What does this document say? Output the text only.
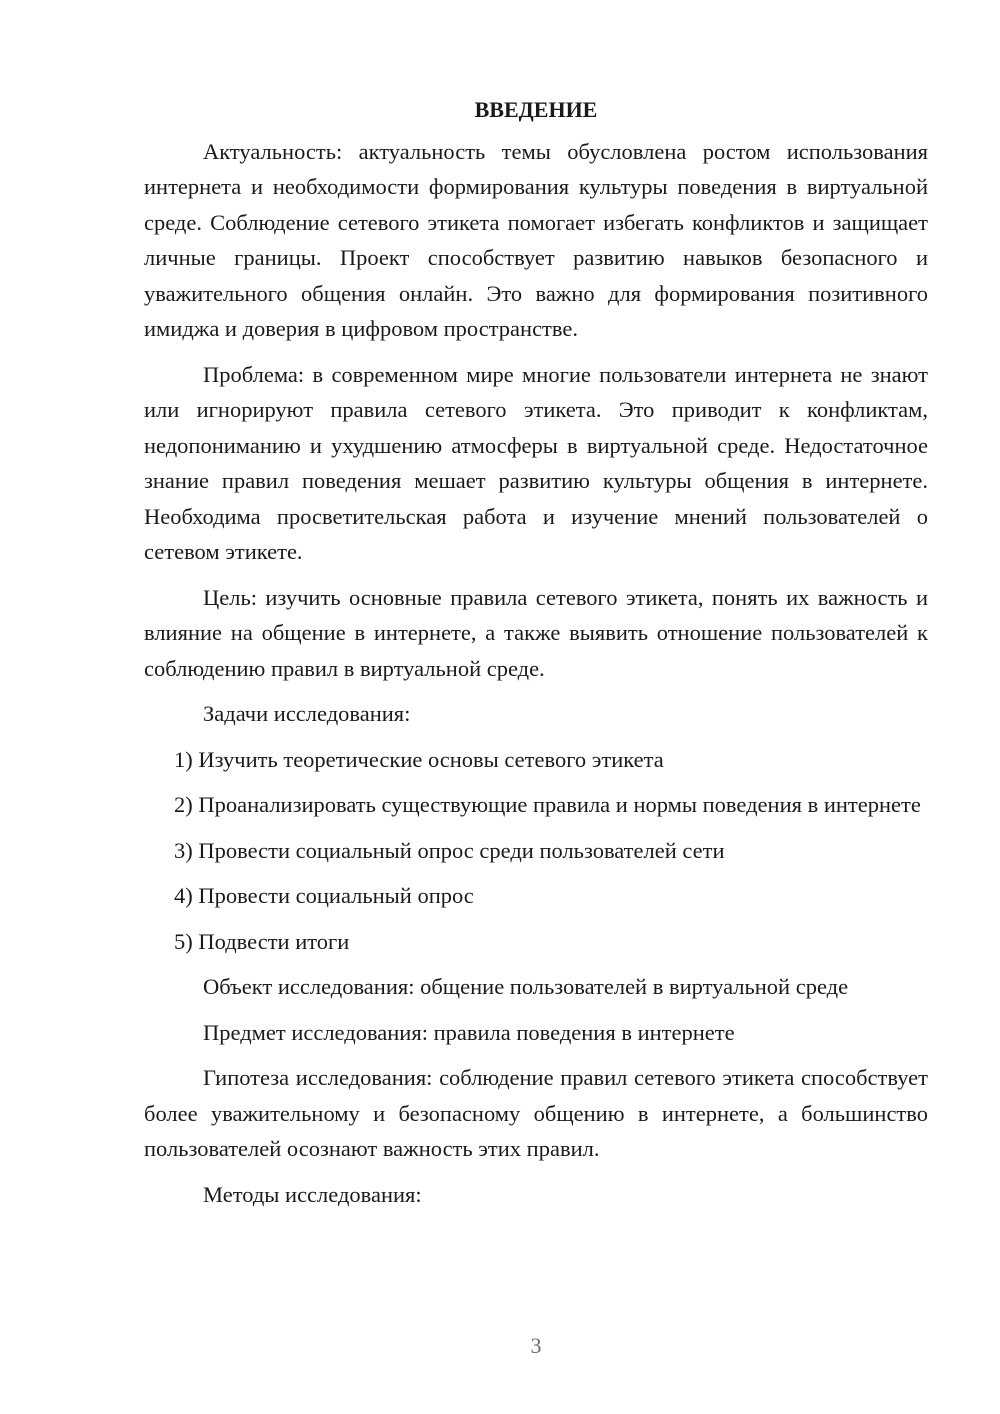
ВВЕДЕНИЕ

Актуальность: актуальность темы обусловлена ростом использования интернета и необходимости формирования культуры поведения в виртуальной среде. Соблюдение сетевого этикета помогает избегать конфликтов и защищает личные границы. Проект способствует развитию навыков безопасного и уважительного общения онлайн. Это важно для формирования позитивного имиджа и доверия в цифровом пространстве.

Проблема: в современном мире многие пользователи интернета не знают или игнорируют правила сетевого этикета. Это приводит к конфликтам, недопониманию и ухудшению атмосферы в виртуальной среде. Недостаточное знание правил поведения мешает развитию культуры общения в интернете. Необходима просветительская работа и изучение мнений пользователей о сетевом этикете.

Цель: изучить основные правила сетевого этикета, понять их важность и влияние на общение в интернете, а также выявить отношение пользователей к соблюдению правил в виртуальной среде.

Задачи исследования:

1) Изучить теоретические основы сетевого этикета

2) Проанализировать существующие правила и нормы поведения в интернете

3) Провести социальный опрос среди пользователей сети

4) Провести социальный опрос

5) Подвести итоги

Объект исследования: общение пользователей в виртуальной среде

Предмет исследования: правила поведения в интернете

Гипотеза исследования: соблюдение правил сетевого этикета способствует более уважительному и безопасному общению в интернете, а большинство пользователей осознают важность этих правил.

Методы исследования:

3
